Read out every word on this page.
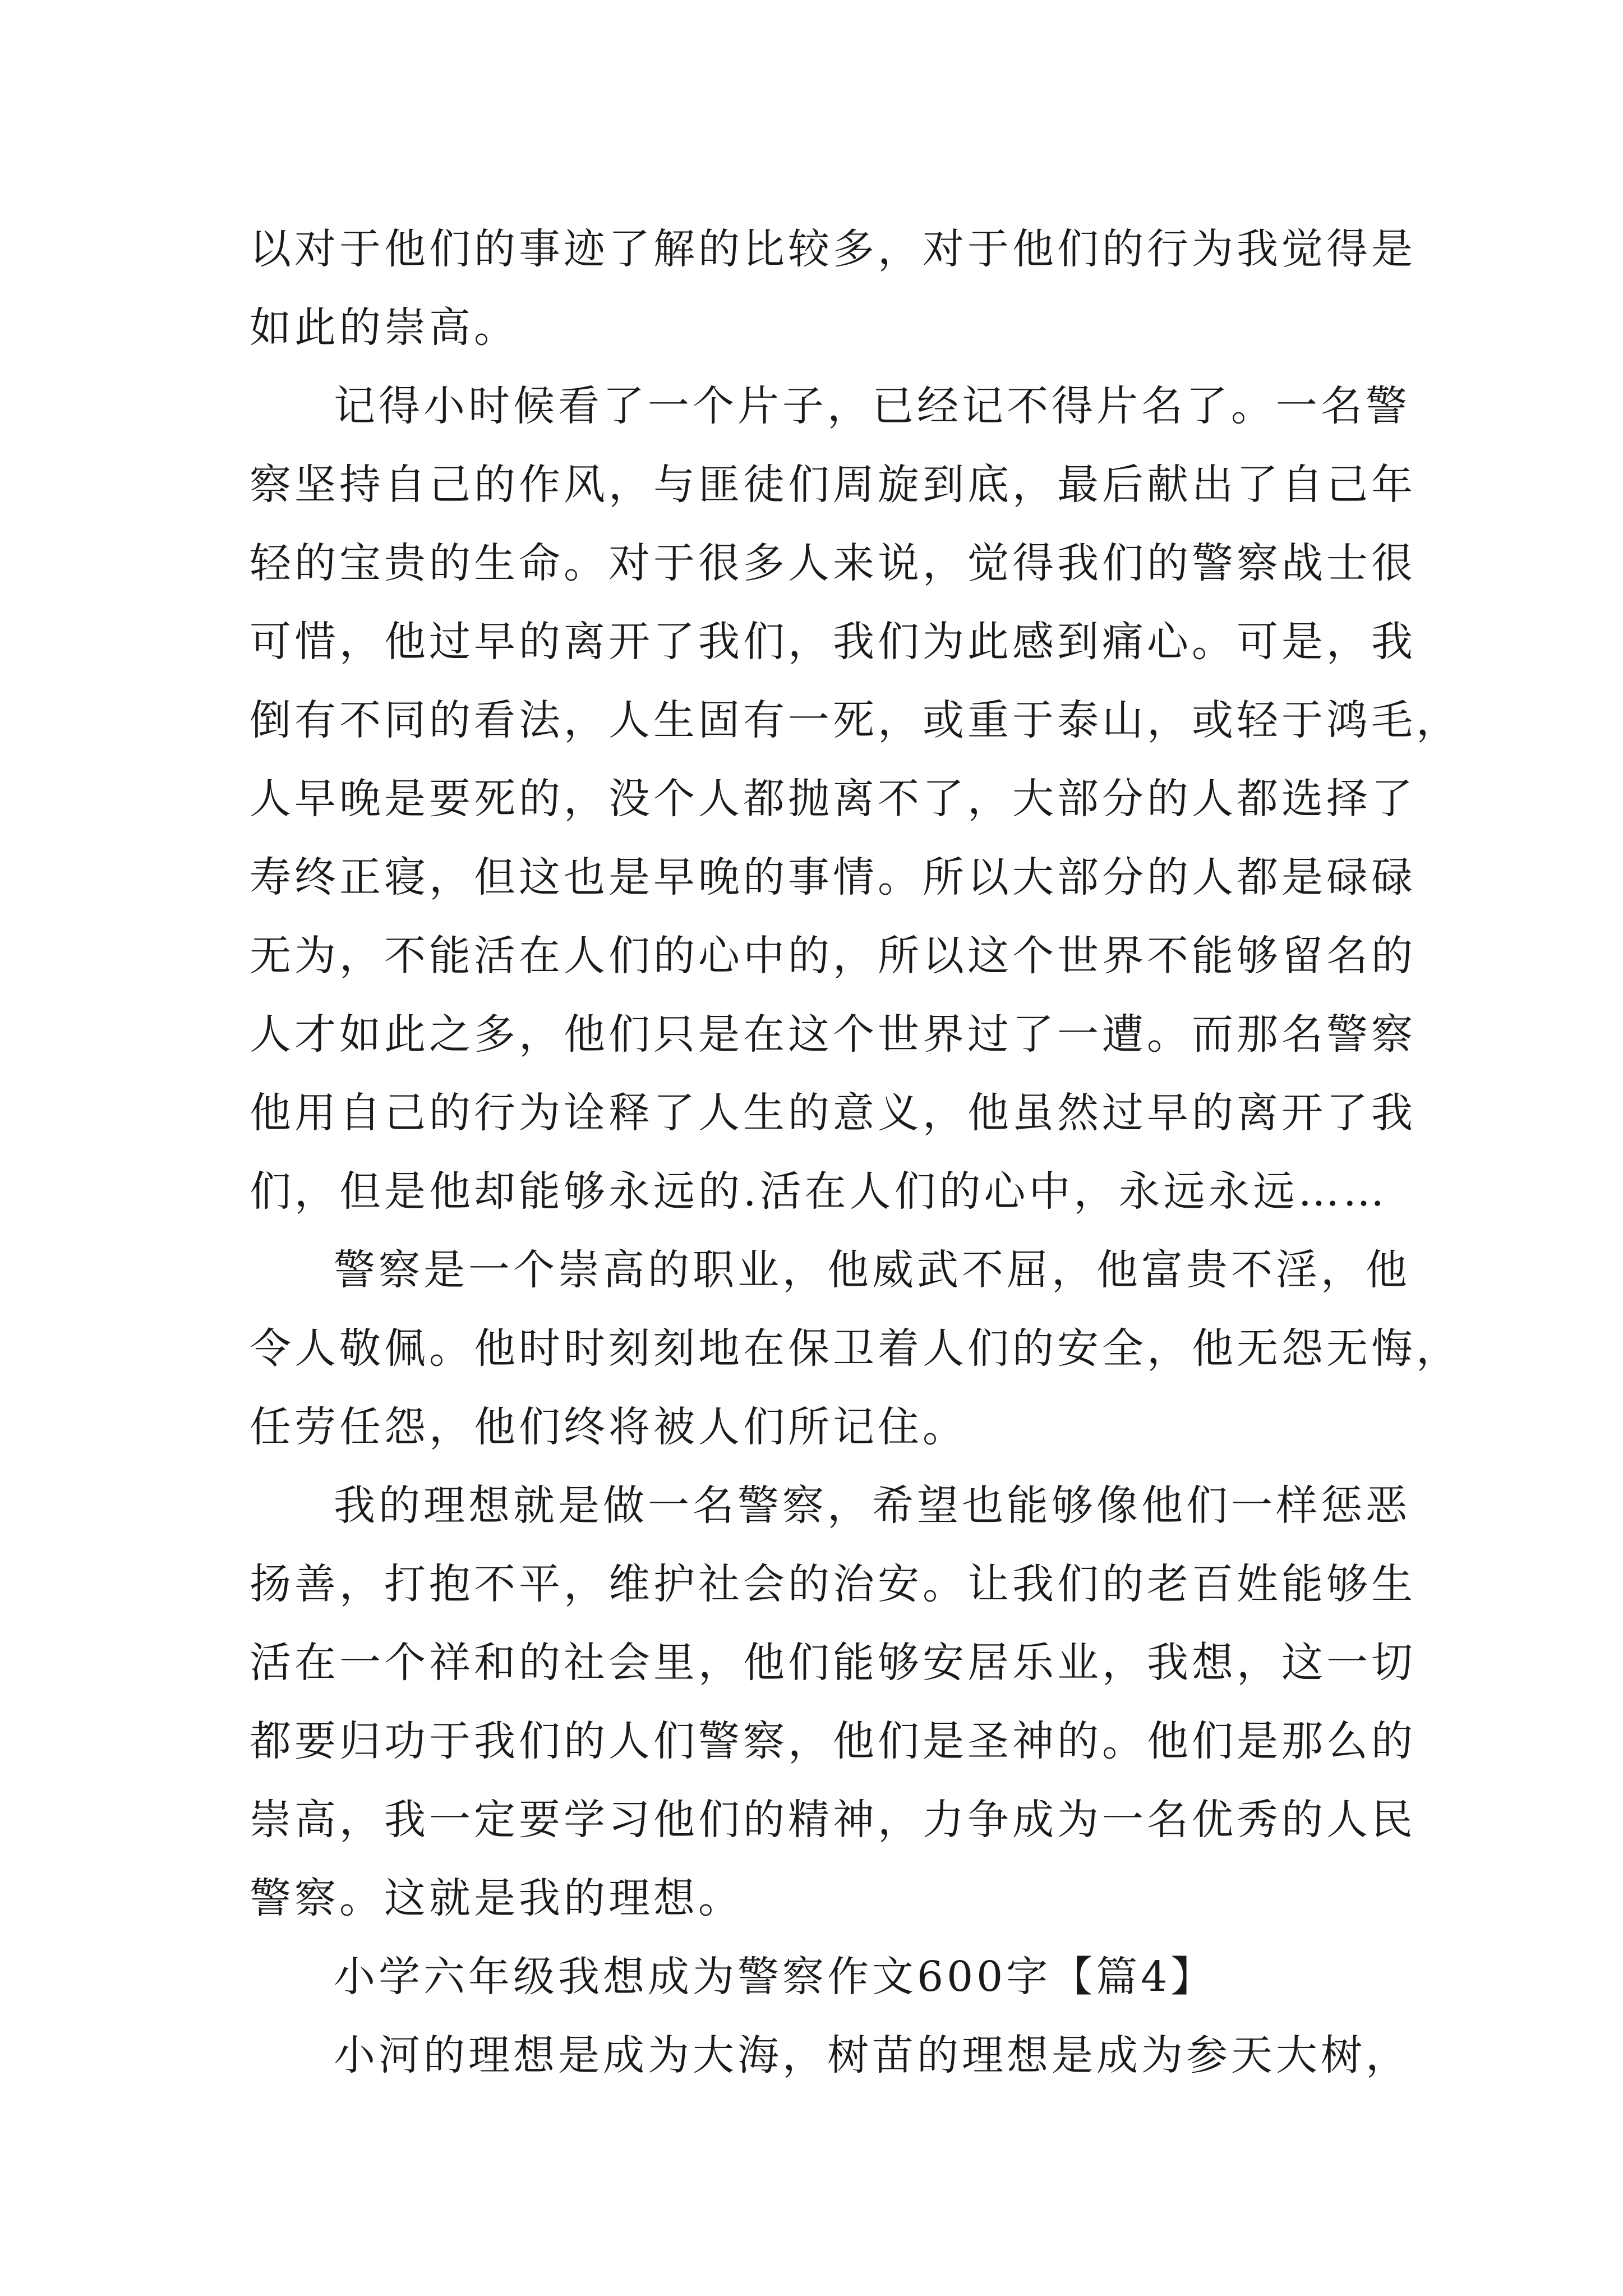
以对于他们的事迹了解的比较多，对于他们的行为我觉得是
如此的崇高。
记得小时候看了一个片子，已经记不得片名了。一名警
察坚持自己的作风，与匪徒们周旋到底，最后献出了自己年
轻的宝贵的生命。对于很多人来说，觉得我们的警察战士很
可惜，他过早的离开了我们，我们为此感到痛心。可是，我
倒有不同的看法，人生固有一死，或重于泰山，或轻于鸿毛，
人早晚是要死的，没个人都抛离不了，大部分的人都选择了
寿终正寝，但这也是早晚的事情。所以大部分的人都是碌碌
无为，不能活在人们的心中的，所以这个世界不能够留名的
人才如此之多，他们只是在这个世界过了一遭。而那名警察
他用自己的行为诠释了人生的意义，他虽然过早的离开了我
们，但是他却能够永远的.活在人们的心中，永远永远……
警察是一个崇高的职业，他威武不屈，他富贵不淫，他
令人敬佩。他时时刻刻地在保卫着人们的安全，他无怨无悔，
任劳任怨，他们终将被人们所记住。
我的理想就是做一名警察，希望也能够像他们一样惩恶
扬善，打抱不平，维护社会的治安。让我们的老百姓能够生
活在一个祥和的社会里，他们能够安居乐业，我想，这一切
都要归功于我们的人们警察，他们是圣神的。他们是那么的
崇高，我一定要学习他们的精神，力争成为一名优秀的人民
警察。这就是我的理想。
小学六年级我想成为警察作文600字【篇4】
小河的理想是成为大海，树苗的理想是成为参天大树，
